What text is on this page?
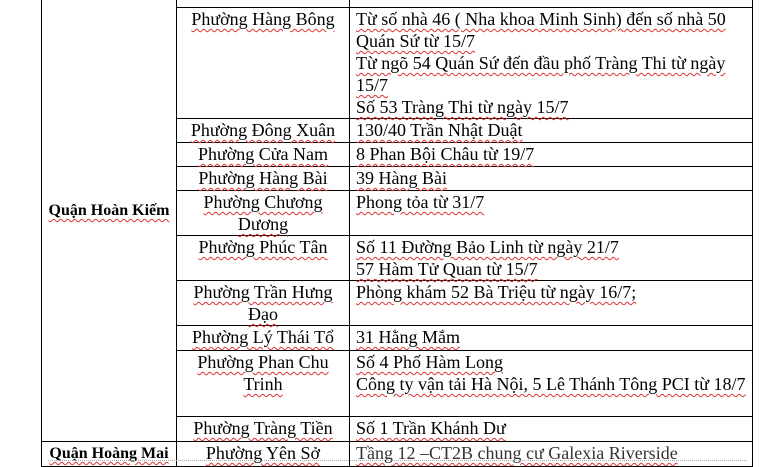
Quận Hoàn Kiếm		
	Phường Hàng Bông	Từ số nhà 46 ( Nha khoa Minh Sinh) đến số nhà 50 Quán Sứ từ 15/7
Từ ngõ 54 Quán Sứ đến đầu phố Tràng Thi từ ngày 15/7
Số 53 Tràng Thi từ ngày 15/7

	Phường Đông Xuân	130/40 Trần Nhật Duật

	Phường Cửa Nam	8 Phan Bội Châu từ 19/7

	Phường Hàng Bài	39 Hàng Bài

	Phường Chương Dương	Phong tỏa từ 31/7

	Phường Phúc Tân	Số 11 Đường Bảo Linh từ ngày 21/7
57 Hàm Tử Quan từ 15/7

	Phường Trần Hưng Đạo	Phòng khám 52 Bà Triệu từ ngày 16/7;

	Phường Lý Thái Tổ	31 Hằng Mắm

	Phường Phan Chu Trinh	Số 4 Phố Hàm Long
Công ty vận tải Hà Nội, 5 Lê Thánh Tông PCI từ 18/7

	Phường Tràng Tiền	Số 1 Trần Khánh Dư

Quận Hoàng Mai	Phường Yên Sở	Tầng 12 –CT2B chung cư Galexia Riverside
